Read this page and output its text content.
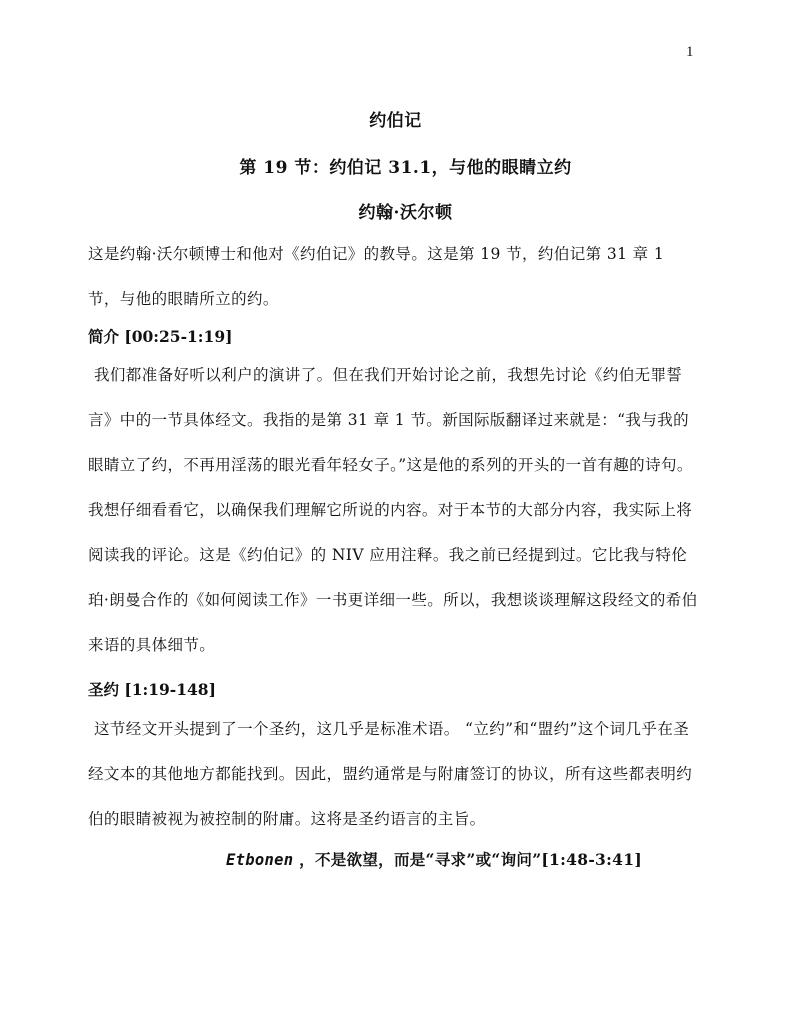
1
约伯记
第 19 节：约伯记 31.1，与他的眼睛立约
约翰·沃尔顿

这是约翰·沃尔顿博士和他对《约伯记》的教导。这是第 19 节，约伯记第 31 章 1 节，与他的眼睛所立的约。

简介 [00:25-1:19]

我们都准备好听以利户的演讲了。但在我们开始讨论之前，我想先讨论《约伯无罪誓言》中的一节具体经文。我指的是第 31 章 1 节。新国际版翻译过来就是：“我与我的眼睛立了约，不再用淫荡的眼光看年轻女子。”这是他的系列的开头的一首有趣的诗句。我想仔细看看它，以确保我们理解它所说的内容。对于本节的大部分内容，我实际上将阅读我的评论。这是《约伯记》的 NIV 应用注释。我之前已经提到过。它比我与特伦珀·朗曼合作的《如何阅读工作》一书更详细一些。所以，我想谈谈理解这段经文的希伯来语的具体细节。

圣约 [1:19-148]

这节经文开头提到了一个圣约，这几乎是标准术语。 “立约”和“盟约”这个词几乎在圣经文本的其他地方都能找到。因此，盟约通常是与附庸签订的协议，所有这些都表明约伯的眼睛被视为被控制的附庸。这将是圣约语言的主旨。

Etbonen ，不是欲望，而是“寻求”或“询问”[1:48-3:41]
